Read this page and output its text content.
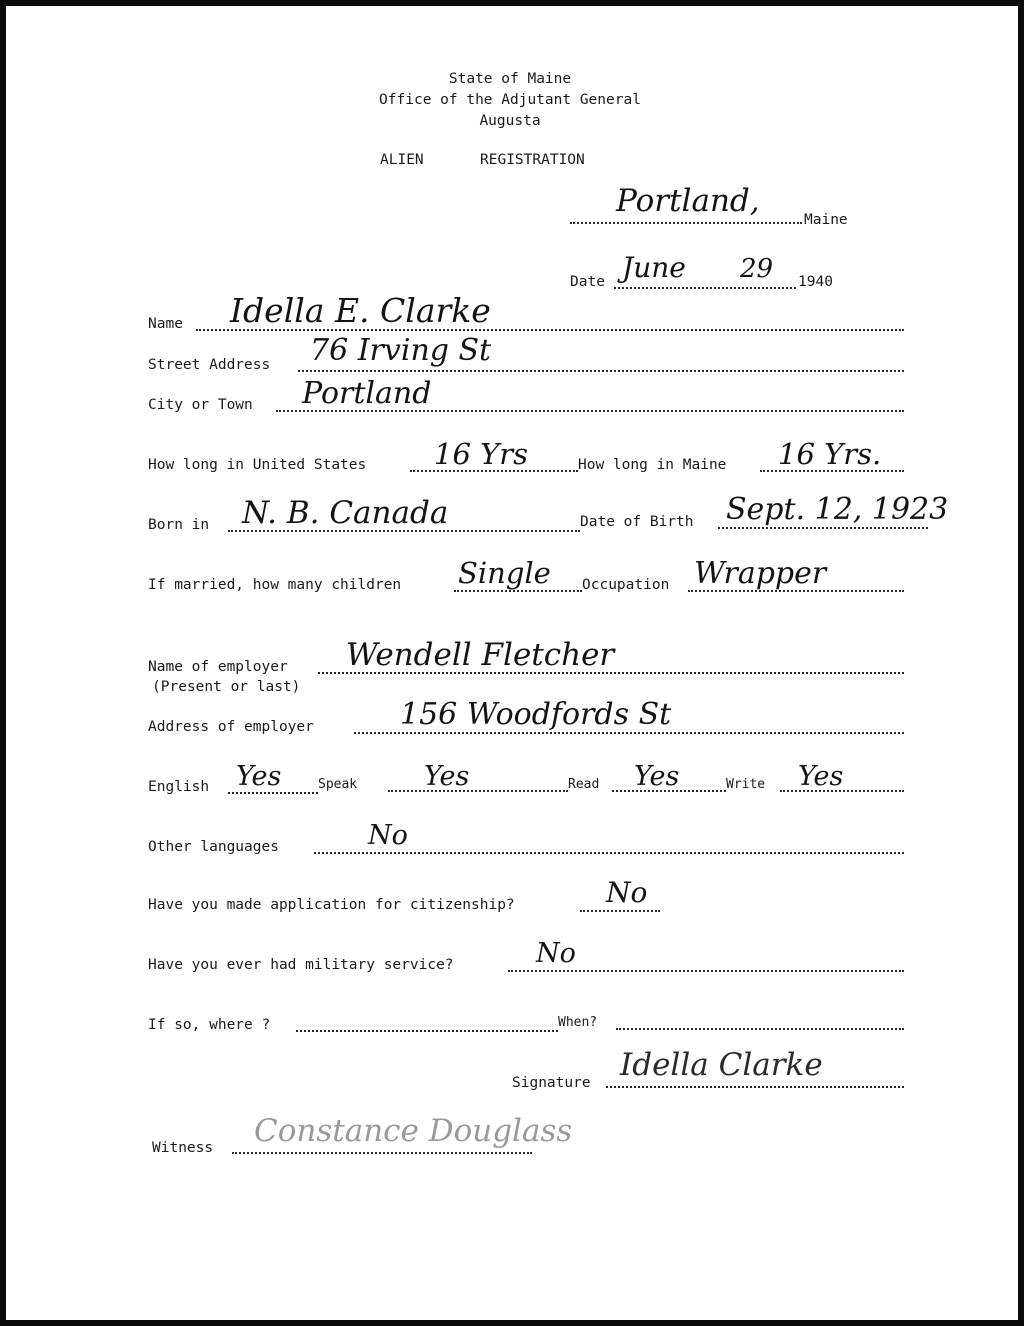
State of Maine
Office of the Adjutant General
Augusta
ALIEN	REGISTRATION
Portland,
Maine
Date June 29 1940
Name Idella E. Clarke
Street Address 76 Irving St
City or Town Portland
How long in United States 16 Yrs	How long in Maine 16 Yrs.
Born in N. B. Canada	Date of Birth Sept. 12, 1923
If married, how many children Single Occupation Wrapper
Name of employer Wendell Fletcher
(Present or last)
Address of employer	156 Woodfords St
English Yes	Speak Yes	Read Yes	Write Yes
Other languages	No
Have you made application for citizenship?	No
Have you ever had military service?	No
If so, where ?	When?
Signature Idella Clarke
Witness Constance Douglass
